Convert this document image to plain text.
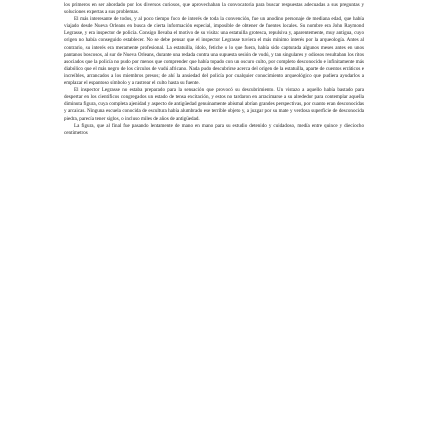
los primeros en ser abordado por los diversos curiosos, que aprovechaban la convocatoria para buscar respuestas adecuadas a sus preguntas y soluciones expertas a sus problemas.

El más interesante de todos, y al poco tiempo foco de interés de toda la convención, fue un anodino personaje de mediana edad, que había viajado desde Nueva Orleans en busca de cierta información especial, imposible de obtener de fuentes locales. Su nombre era John Raymond Legrasse, y era inspector de policía. Consigo llevaba el motivo de su visita: una estatuilla grotesca, repulsiva y, aparentemente, muy antigua, cuyo origen no había conseguido establecer. No se debe pensar que el inspector Legrasse tuviera el más mínimo interés por la arqueología. Antes al contrario, su interés era meramente profesional. La estatuilla, ídolo, fetiche o lo que fuera, había sido capturada algunos meses antes en unos pantanos boscosos, al sur de Nueva Orleans, durante una redada contra una supuesta sesión de vudú, y tan singulares y odiosos resultaban los ritos asociados que la policía no pudo por menos que comprender que había topado con un oscuro culto, por completo desconocido e infinitamente más diabólico que el más negro de los círculos de vudú africano. Nada pudo descubrirse acerca del origen de la estatuilla, aparte de cuentos erráticos e increíbles, arrancados a los miembros presos; de ahí la ansiedad del policía por cualquier conocimiento arqueológico que pudiera ayudarlos a emplazar el espantoso símbolo y a rastrear el culto hasta su fuente.

El inspector Legrasse no estaba preparado para la sensación que provocó su descubrimiento. Un vistazo a aquello había bastado para despertar en los científicos congregados un estado de tensa excitación, y estos no tardaron en arracimarse a su alrededor para contemplar aquella diminuta figura, cuya completa ajenidad y aspecto de antigüedad genuinamente abismal abrían grandes perspectivas, por cuanto eran desconocidas y arcaicas. Ninguna escuela conocida de escultura había alumbrado ese terrible objeto y, a juzgar por su mate y verdosa superficie de desconocida piedra, parecía tener siglos, o incluso miles de años de antigüedad.

La figura, que al final fue pasando lentamente de mano en mano para su estudio detenido y cuidadoso, medía entre quince y dieciocho centímetros
